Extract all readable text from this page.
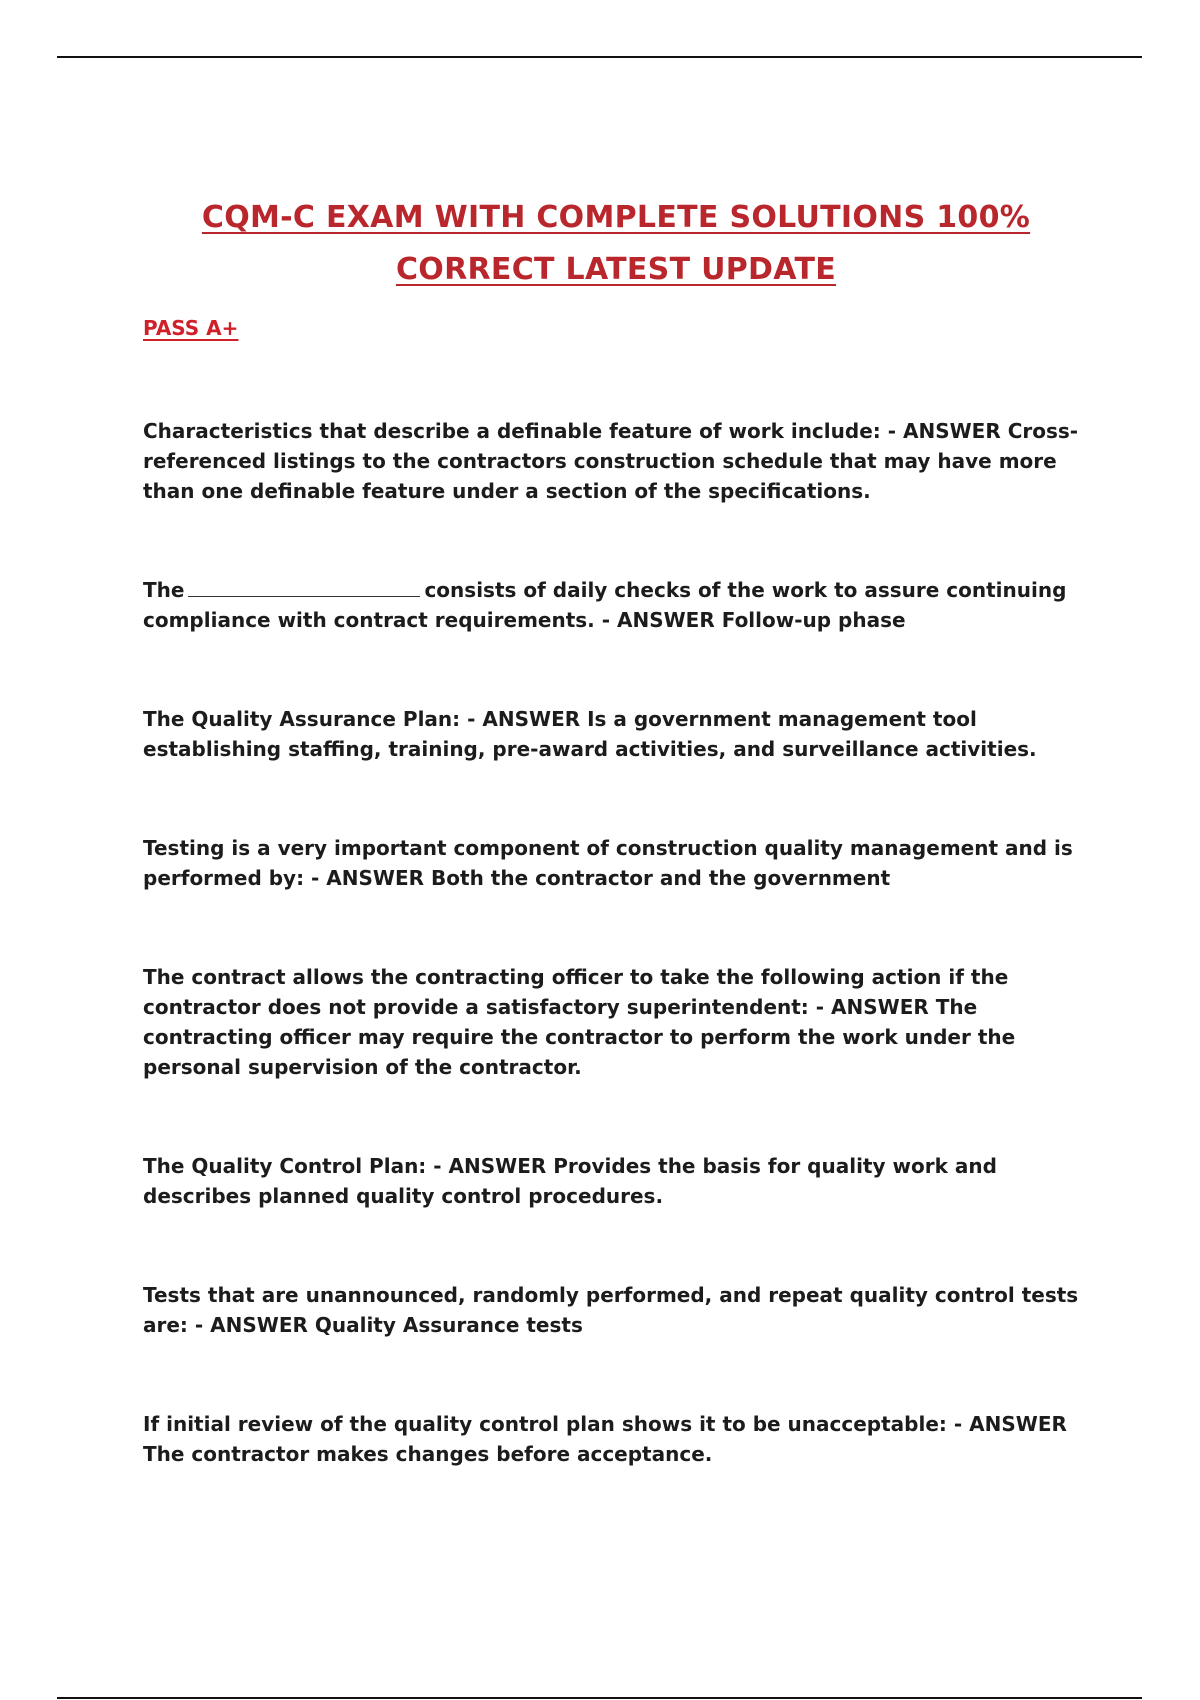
CQM-C EXAM WITH COMPLETE SOLUTIONS 100%
CORRECT LATEST UPDATE
PASS A+

Characteristics that describe a definable feature of work include: - ANSWER Cross-referenced listings to the contractors construction schedule that may have more than one definable feature under a section of the specifications.

The	consists of daily checks of the work to assure continuing compliance with contract requirements. - ANSWER Follow-up phase

The Quality Assurance Plan: - ANSWER Is a government management tool establishing staffing, training, pre-award activities, and surveillance activities.

Testing is a very important component of construction quality management and is performed by: - ANSWER Both the contractor and the government

The contract allows the contracting officer to take the following action if the contractor does not provide a satisfactory superintendent: - ANSWER The contracting officer may require the contractor to perform the work under the personal supervision of the contractor.

The Quality Control Plan: - ANSWER Provides the basis for quality work and describes planned quality control procedures.

Tests that are unannounced, randomly performed, and repeat quality control tests are: - ANSWER Quality Assurance tests

If initial review of the quality control plan shows it to be unacceptable: - ANSWER The contractor makes changes before acceptance.
